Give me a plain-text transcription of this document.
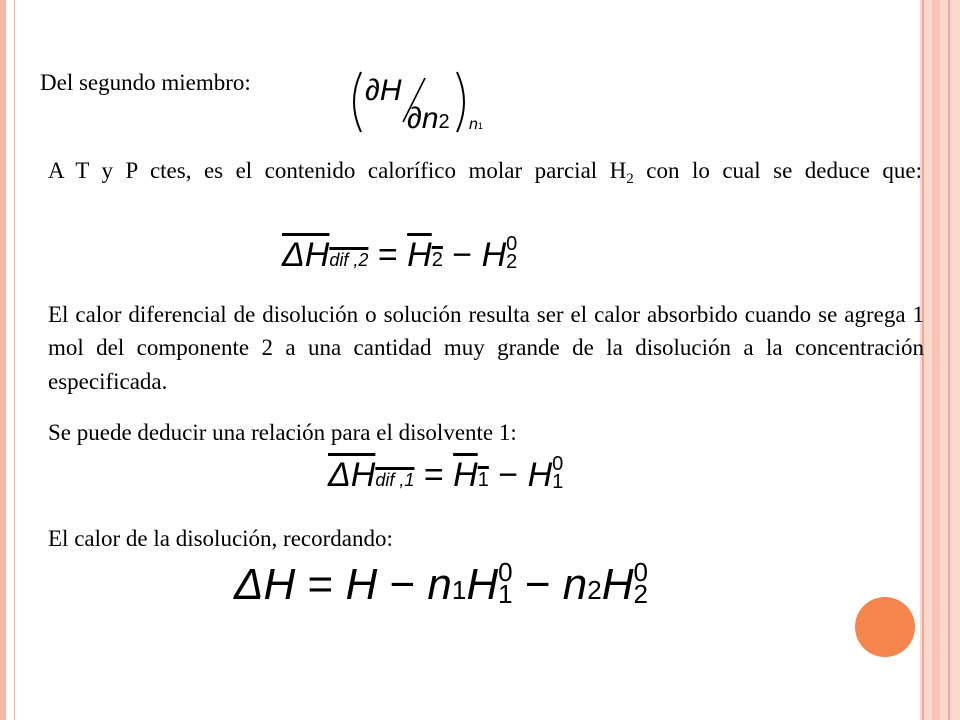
Del segundo miembro:	∂H
∂n2 n1
A T y P ctes, es el contenido calorífico molar parcial $H_2$ con lo cual se deduce que:
ΔHdif ,2 = H2 − H 0
2
El calor diferencial de disolución o solución resulta ser el calor absorbido cuando se agrega 1 mol del componente 2 a una cantidad muy grande de la disolución a la concentración especificada.
Se puede deducir una relación para el disolvente 1:
ΔHdif ,1 = H1 − H 0
1
El calor de la disolución, recordando:
ΔH = H − n1H 0
1 − n2H 0
2
